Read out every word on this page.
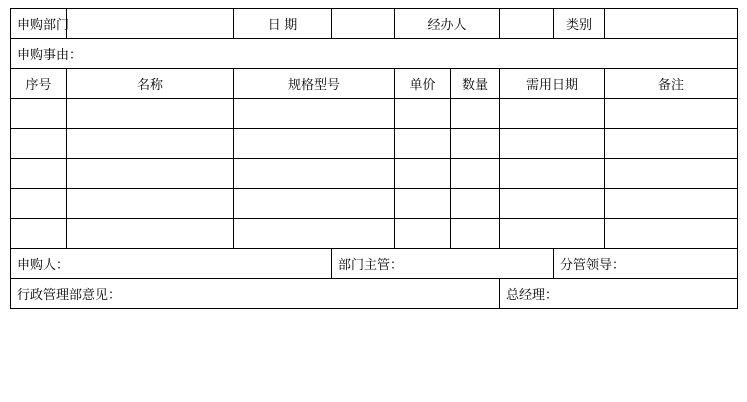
申购部门		日 期		经办人			类别	
申购事由：								
序号	名称	规格型号		单价	数量	需用日期		备注

申购人：			部门主管：				分管领导：	
行政管理部意见：						总经理：		
